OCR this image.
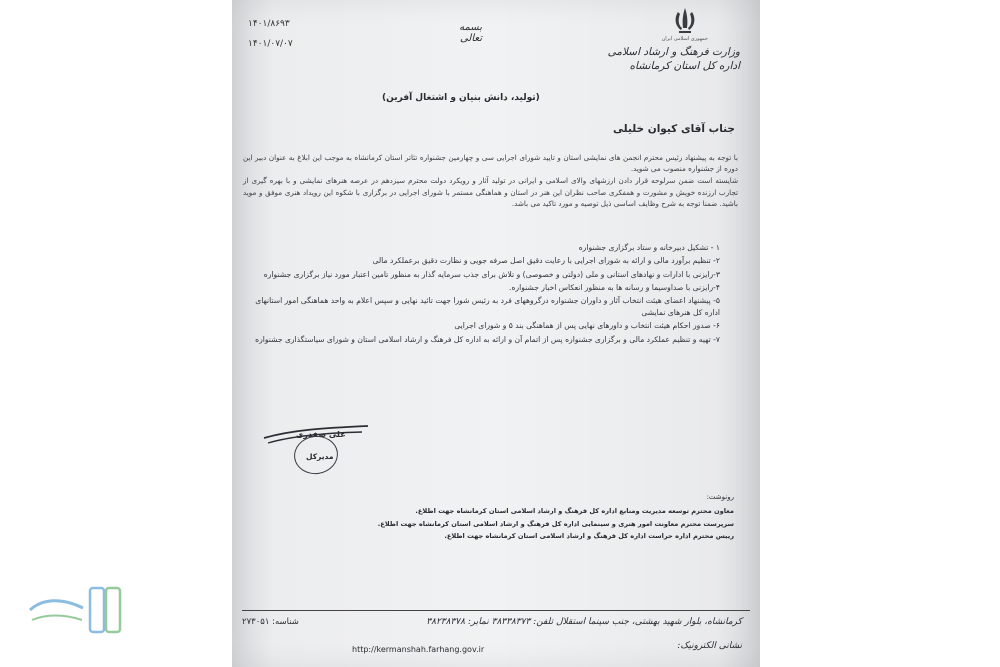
جمهوری اسلامی ایران
وزارت فرهنگ و ارشاد اسلامی
اداره کل استان کرمانشاه
بسمه تعالی
۱۴۰۱/۸۶۹۳
۱۴۰۱/۰۷/۰۷
(تولید، دانش بنیان و اشتغال آفرین)
جناب آقای کیوان خلیلی

با توجه به پیشنهاد رئیس محترم انجمن های نمایشی استان و تایید شورای اجرایی سی و چهارمین جشنواره تئاتر استان کرمانشاه به موجب این ابلاغ به عنوان دبیر این دوره از جشنواره منصوب می شوید.

شایسته است ضمن سرلوحه قرار دادن ارزشهای والای اسلامی و ایرانی در تولید آثار و رویکرد دولت محترم سیزدهم در عرصه هنرهای نمایشی و با بهره گیری از تجارب ارزنده خویش و مشورت و همفکری صاحب نظران این هنر در استان و هماهنگی مستمر با شورای اجرایی در برگزاری با شکوه این رویداد هنری موفق و موید باشید. ضمنا توجه به شرح وظایف اساسی ذیل توصیه و مورد تاکید می باشد.

۱ - تشکیل دبیرخانه و ستاد برگزاری جشنواره
۲- تنظیم برآورد مالی و ارائه به شورای اجرایی با رعایت دقیق اصل صرفه جویی و نظارت دقیق برعملکرد مالی
۳-رایزنی با ادارات و نهادهای استانی و ملی (دولتی و خصوصی) و تلاش برای جذب سرمایه گذار به منظور تامین اعتبار مورد نیاز برگزاری جشنواره
۴-رایزنی با صداوسیما و رسانه ها به منظور انعکاس اخبار جشنواره.
۵- پیشنهاد اعضای هیئت انتخاب آثار و داوران جشنواره درگروههای فرد به رئیس شورا جهت تائید نهایی و سپس اعلام به واحد هماهنگی امور استانهای اداره کل هنرهای نمایشی
۶- صدور احکام هیئت انتخاب و داورهای نهایی پس از هماهنگی بند ۵ و شورای اجرایی
۷- تهیه و تنظیم عملکرد مالی و برگزاری جشنواره پس از اتمام آن و ارائه به اداره کل فرهنگ و ارشاد اسلامی استان و شورای سیاستگذاری جشنواره
علی صفدری
مدیرکل
رونوشت:
معاون محترم توسعه مدیریت ومنابع اداره کل فرهنگ و ارشاد اسلامی استان کرمانشاه جهت اطلاع.
سرپرست محترم معاونت امور هنری و سینمایی اداره کل فرهنگ و ارشاد اسلامی استان کرمانشاه جهت اطلاع.
رییس محترم اداره حراست اداره کل فرهنگ و ارشاد اسلامی استان کرمانشاه جهت اطلاع.
کرمانشاه، بلوار شهید بهشتی، جنب سینما استقلال تلفن: ۳۸۳۳۸۳۷۳ نمابر: ۳۸۲۳۸۳۷۸
نشانی الکترونیک:
http://kermanshah.farhang.gov.ir
شناسه: ۲۷۳۰۵۱
